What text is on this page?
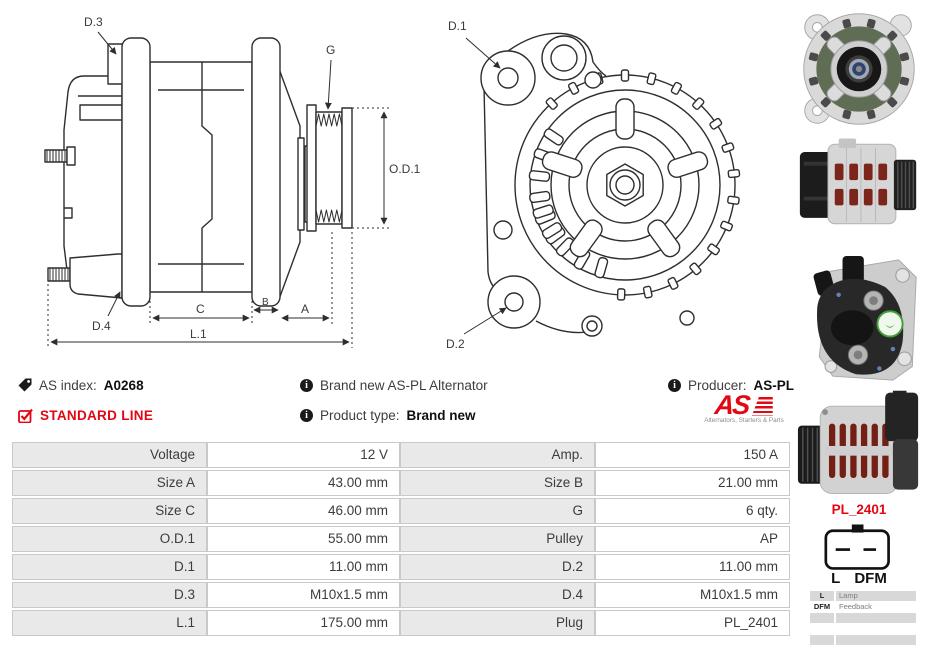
D.3
G
O.D.1
D.4
C	B	A
L.1
D.1
D.2
AS index: A0268	i Brand new AS-PL Alternator	i Producer: AS-PL
STANDARD LINE	i Product type: Brand new	AS
Alternators, Starters & Parts
Voltage	12 V	Amp.	150 A
Size A	43.00 mm	Size B	21.00 mm
Size C	46.00 mm	G	6 qty.
O.D.1	55.00 mm	Pulley	AP
D.1	11.00 mm	D.2	11.00 mm
D.3	M10x1.5 mm	D.4	M10x1.5 mm
L.1	175.00 mm	Plug	PL_2401
PL_2401
L DFM
L	Lamp
DFM	Feedback
